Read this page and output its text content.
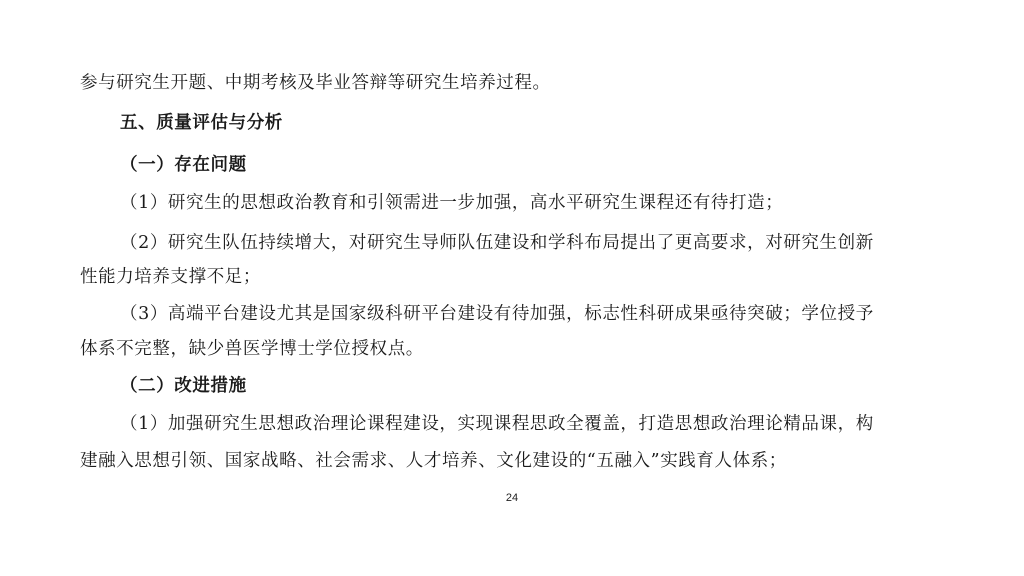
参与研究生开题、中期考核及毕业答辩等研究生培养过程。
五、质量评估与分析
（一）存在问题
（1）研究生的思想政治教育和引领需进一步加强，高水平研究生课程还有待打造；
（2）研究生队伍持续增大，对研究生导师队伍建设和学科布局提出了更高要求，对研究生创新
性能力培养支撑不足；
（3）高端平台建设尤其是国家级科研平台建设有待加强，标志性科研成果亟待突破；学位授予
体系不完整，缺少兽医学博士学位授权点。
（二）改进措施
（1）加强研究生思想政治理论课程建设，实现课程思政全覆盖，打造思想政治理论精品课，构
建融入思想引领、国家战略、社会需求、人才培养、文化建设的“五融入”实践育人体系；
24
